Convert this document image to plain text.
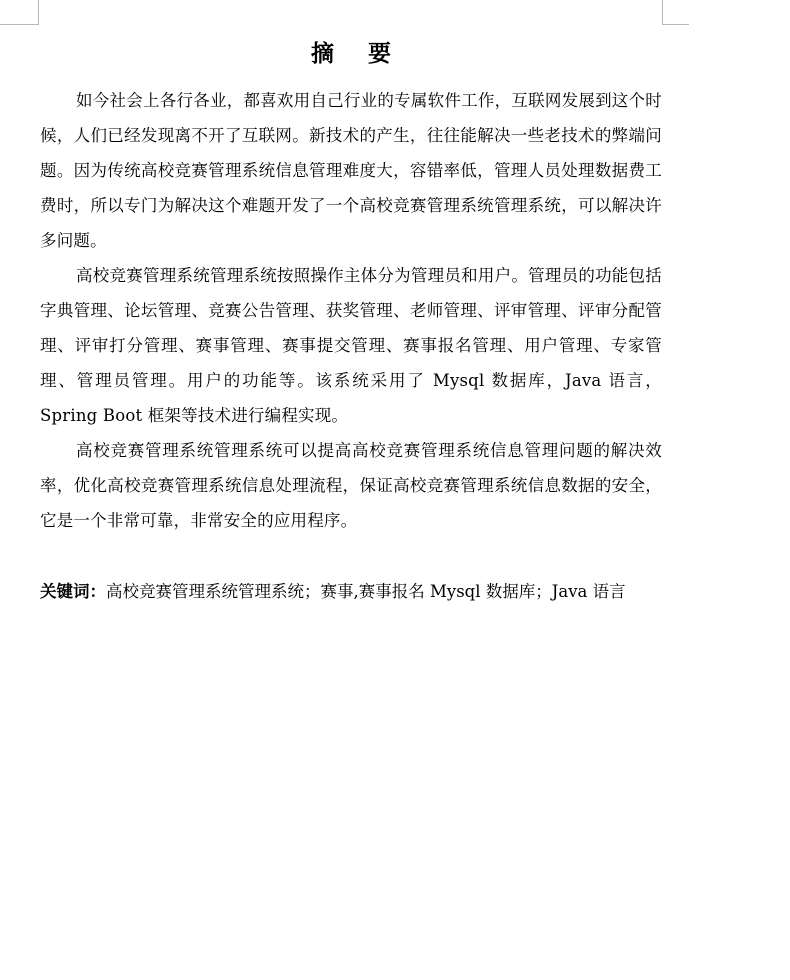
摘 要

如今社会上各行各业，都喜欢用自己行业的专属软件工作，互联网发展到这个时候，人们已经发现离不开了互联网。新技术的产生，往往能解决一些老技术的弊端问题。因为传统高校竞赛管理系统信息管理难度大，容错率低，管理人员处理数据费工费时，所以专门为解决这个难题开发了一个高校竞赛管理系统管理系统，可以解决许多问题。

高校竞赛管理系统管理系统按照操作主体分为管理员和用户。管理员的功能包括字典管理、论坛管理、竞赛公告管理、获奖管理、老师管理、评审管理、评审分配管理、评审打分管理、赛事管理、赛事提交管理、赛事报名管理、用户管理、专家管理、管理员管理。用户的功能等。该系统采用了 Mysql 数据库，Java 语言，Spring Boot 框架等技术进行编程实现。

高校竞赛管理系统管理系统可以提高高校竞赛管理系统信息管理问题的解决效率，优化高校竞赛管理系统信息处理流程，保证高校竞赛管理系统信息数据的安全，它是一个非常可靠，非常安全的应用程序。

关键词：高校竞赛管理系统管理系统；赛事,赛事报名 Mysql 数据库；Java 语言
